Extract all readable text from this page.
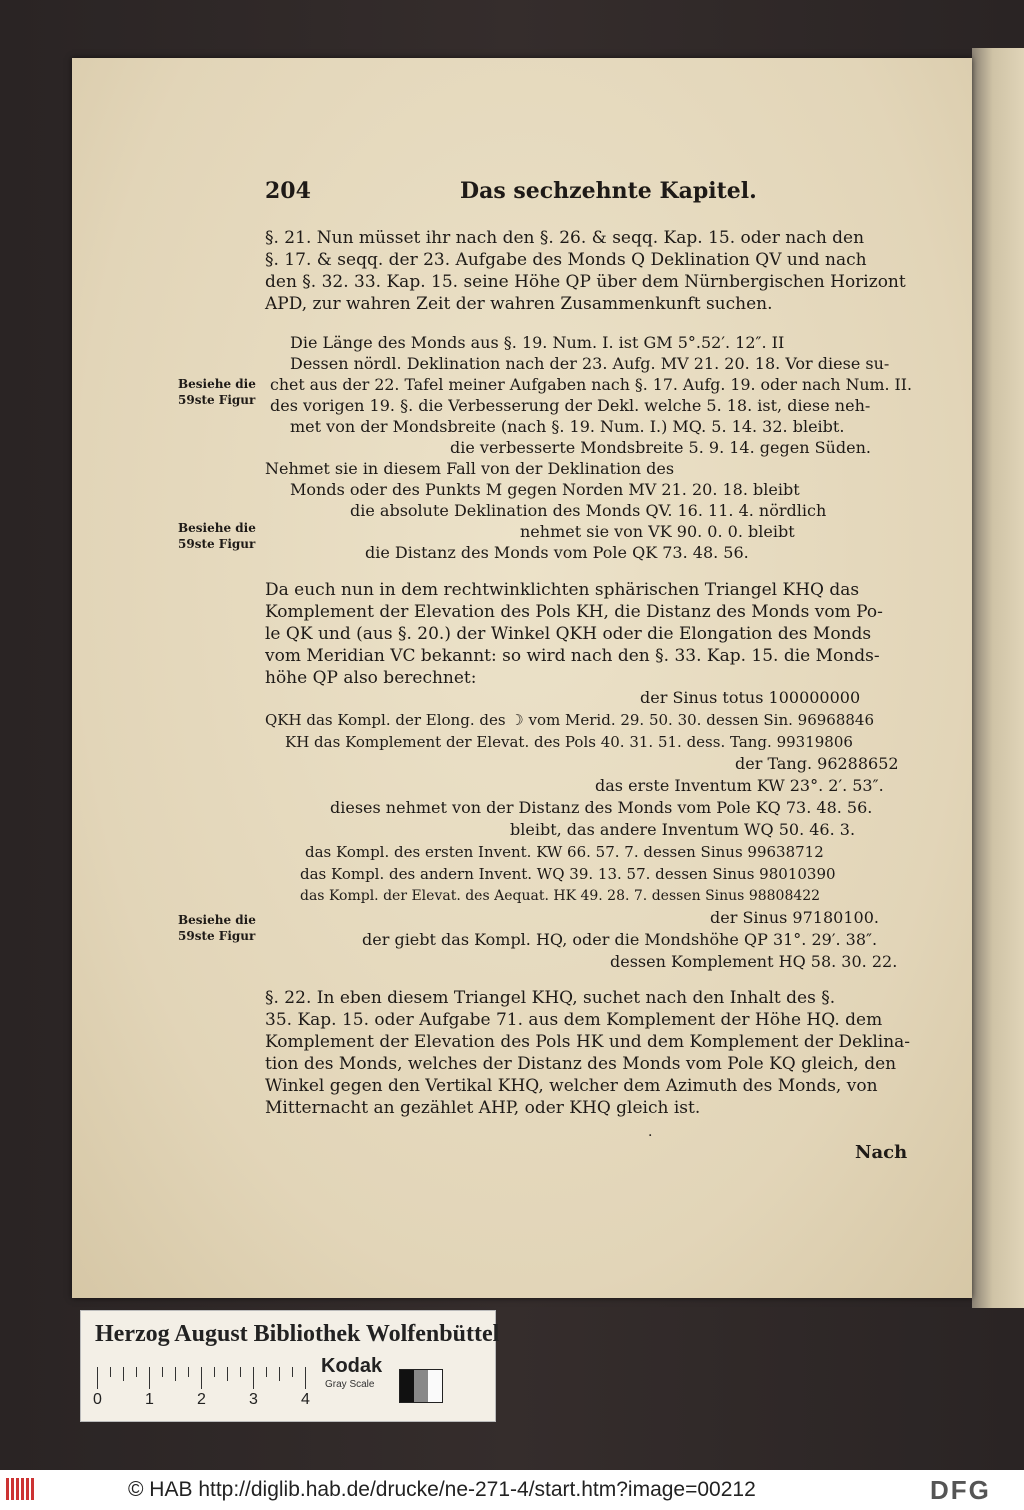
204	Das sechzehnte Kapitel.
§. 21. Nun müsset ihr nach den §. 26. & seqq. Kap. 15. oder nach den
§. 17. & seqq. der 23. Aufgabe des Monds Q Deklination QV und nach
den §. 32. 33. Kap. 15. seine Höhe QP über dem Nürnbergischen Horizont
APD, zur wahren Zeit der wahren Zusammenkunft suchen.
Besiehe die 59ste Figur
Besiehe die 59ste Figur
Besiehe die 59ste Figur
Die Länge des Monds aus §. 19. Num. I. ist GM 5°.52′. 12″. II
Dessen nördl. Deklination nach der 23. Aufg. MV 21. 20. 18. Vor diese su-
chet aus der 22. Tafel meiner Aufgaben nach §. 17. Aufg. 19. oder nach Num. II.
des vorigen 19. §. die Verbesserung der Dekl. welche 5. 18. ist, diese neh-
met von der Mondsbreite (nach §. 19. Num. I.) MQ. 5. 14. 32. bleibt.
die verbesserte Mondsbreite 5. 9. 14. gegen Süden.
Nehmet sie in diesem Fall von der Deklination des
Monds oder des Punkts M gegen Norden MV 21. 20. 18. bleibt
die absolute Deklination des Monds QV. 16. 11. 4. nördlich
nehmet sie von VK 90. 0. 0. bleibt
die Distanz des Monds vom Pole QK 73. 48. 56.
Da euch nun in dem rechtwinklichten sphärischen Triangel KHQ das
Komplement der Elevation des Pols KH, die Distanz des Monds vom Po-
le QK und (aus §. 20.) der Winkel QKH oder die Elongation des Monds
vom Meridian VC bekannt: so wird nach den §. 33. Kap. 15. die Monds-
höhe QP also berechnet:
der Sinus totus 100000000
QKH das Kompl. der Elong. des ☽ vom Merid. 29. 50. 30. dessen Sin. 96968846
KH das Komplement der Elevat. des Pols 40. 31. 51. dess. Tang. 99319806
der Tang. 96288652
das erste Inventum KW 23°. 2′. 53″.
dieses nehmet von der Distanz des Monds vom Pole KQ 73. 48. 56.
bleibt, das andere Inventum WQ 50. 46. 3.
das Kompl. des ersten Invent. KW 66. 57. 7. dessen Sinus 99638712
das Kompl. des andern Invent. WQ 39. 13. 57. dessen Sinus 98010390
das Kompl. der Elevat. des Aequat. HK 49. 28. 7. dessen Sinus 98808422
der Sinus 97180100.
der giebt das Kompl. HQ, oder die Mondshöhe QP 31°. 29′. 38″.
dessen Komplement HQ 58. 30. 22.
§. 22. In eben diesem Triangel KHQ, suchet nach den Inhalt des §.
35. Kap. 15. oder Aufgabe 71. aus dem Komplement der Höhe HQ. dem
Komplement der Elevation des Pols HK und dem Komplement der Deklina-
tion des Monds, welches der Distanz des Monds vom Pole KQ gleich, den
Winkel gegen den Vertikal KHQ, welcher dem Azimuth des Monds, von
Mitternacht an gezählet AHP, oder KHQ gleich ist.
·
Nach
Herzog August Bibliothek Wolfenbüttel
0	1	2	3	4
Kodak
Gray Scale
© HAB http://diglib.hab.de/drucke/ne-271-4/start.htm?image=00212	DFG
